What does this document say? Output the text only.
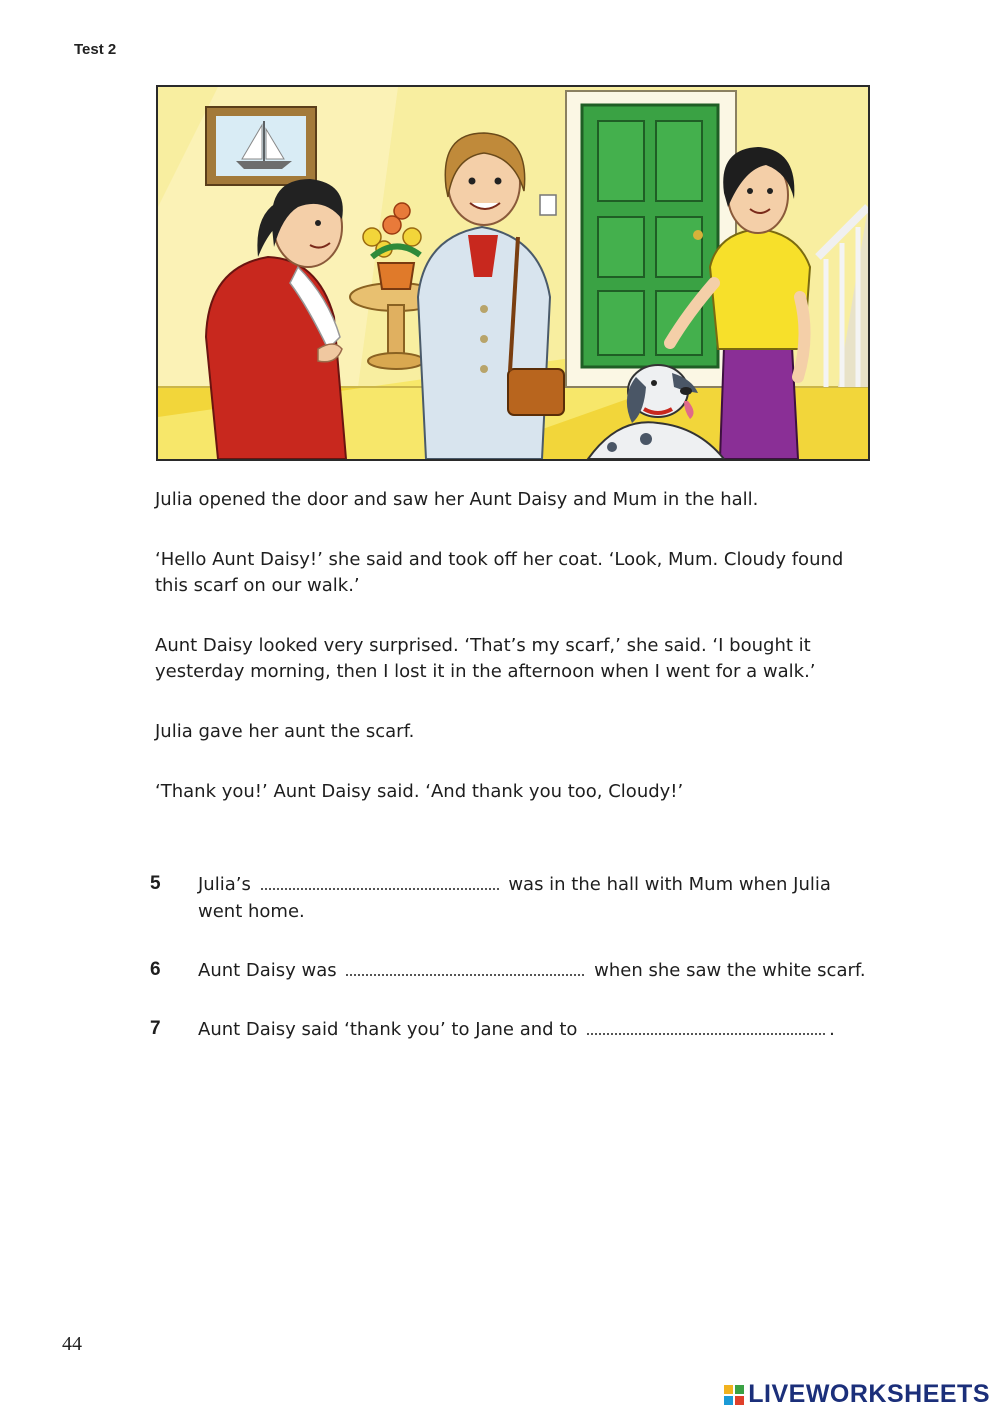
Test 2

Julia opened the door and saw her Aunt Daisy and Mum in the hall.

‘Hello Aunt Daisy!’ she said and took off her coat. ‘Look, Mum. Cloudy found this scarf on our walk.’

Aunt Daisy looked very surprised. ‘That’s my scarf,’ she said. ‘I bought it yesterday morning, then I lost it in the afternoon when I went for a walk.’

Julia gave her aunt the scarf.

‘Thank you!’ Aunt Daisy said. ‘And thank you too, Cloudy!’

5 Julia’s	was in the hall with Mum when Julia went home.
6 Aunt Daisy was	when she saw the white scarf.
7 Aunt Daisy said ‘thank you’ to Jane and to	.
44
LIVEWORKSHEETS
